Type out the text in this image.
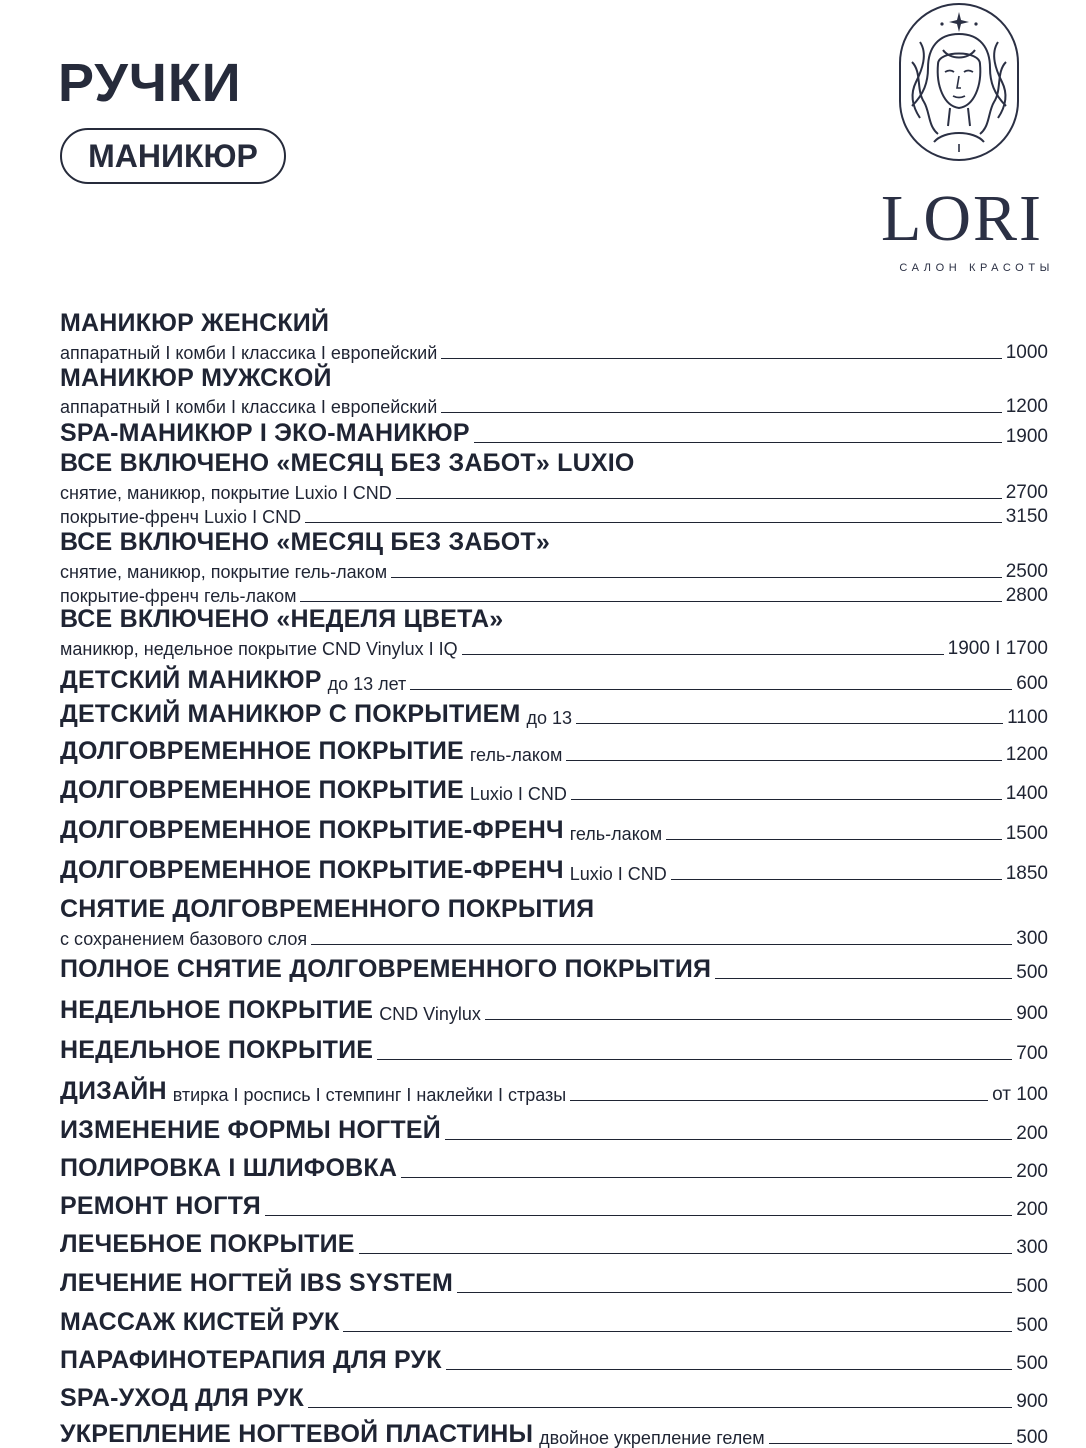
РУЧКИ
МАНИКЮР
LORI
САЛОН КРАСОТЫ
МАНИКЮР ЖЕНСКИЙ
аппаратный I комби I классика I европейский	1000
МАНИКЮР МУЖСКОЙ
аппаратный I комби I классика I европейский	1200
SPA-МАНИКЮР I ЭКО-МАНИКЮР	1900
ВСЕ ВКЛЮЧЕНО «МЕСЯЦ БЕЗ ЗАБОТ» LUXIO
снятие, маникюр, покрытие Luxio I CND	2700
покрытие-френч Luxio I CND	3150
ВСЕ ВКЛЮЧЕНО «МЕСЯЦ БЕЗ ЗАБОТ»
снятие, маникюр, покрытие гель-лаком	2500
покрытие-френч гель-лаком	2800
ВСЕ ВКЛЮЧЕНО «НЕДЕЛЯ ЦВЕТА»
маникюр, недельное покрытие CND Vinylux I IQ	1900 I 1700
ДЕТСКИЙ МАНИКЮР до 13 лет	600
ДЕТСКИЙ МАНИКЮР С ПОКРЫТИЕМ до 13	1100
ДОЛГОВРЕМЕННОЕ ПОКРЫТИЕ гель-лаком	1200
ДОЛГОВРЕМЕННОЕ ПОКРЫТИЕ Luxio I CND	1400
ДОЛГОВРЕМЕННОЕ ПОКРЫТИЕ-ФРЕНЧ гель-лаком	1500
ДОЛГОВРЕМЕННОЕ ПОКРЫТИЕ-ФРЕНЧ Luxio I CND	1850
СНЯТИЕ ДОЛГОВРЕМЕННОГО ПОКРЫТИЯ
с сохранением базового слоя	300
ПОЛНОЕ СНЯТИЕ ДОЛГОВРЕМЕННОГО ПОКРЫТИЯ	500
НЕДЕЛЬНОЕ ПОКРЫТИЕ CND Vinylux	900
НЕДЕЛЬНОЕ ПОКРЫТИЕ	700
ДИЗАЙН втирка I роспись I стемпинг I наклейки I стразы	от 100
ИЗМЕНЕНИЕ ФОРМЫ НОГТЕЙ	200
ПОЛИРОВКА I ШЛИФОВКА	200
РЕМОНТ НОГТЯ	200
ЛЕЧЕБНОЕ ПОКРЫТИЕ	300
ЛЕЧЕНИЕ НОГТЕЙ IBS SYSTEM	500
МАССАЖ КИСТЕЙ РУК	500
ПАРАФИНОТЕРАПИЯ ДЛЯ РУК	500
SPA-УХОД ДЛЯ РУК	900
УКРЕПЛЕНИЕ НОГТЕВОЙ ПЛАСТИНЫ двойное укрепление гелем	500
